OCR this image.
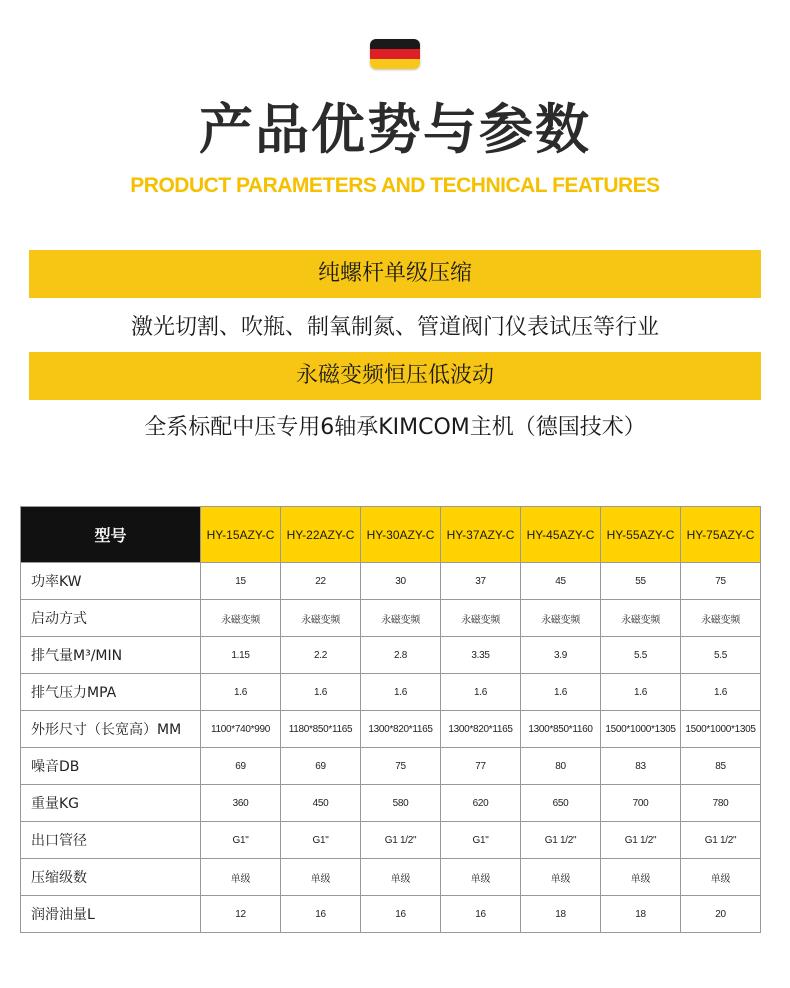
产品优势与参数
PRODUCT PARAMETERS AND TECHNICAL FEATURES
纯螺杆单级压缩
激光切割、吹瓶、制氧制氮、管道阀门仪表试压等行业
永磁变频恒压低波动
全系标配中压专用6轴承KIMCOM主机（德国技术）
型号	HY-15AZY-C	HY-22AZY-C	HY-30AZY-C	HY-37AZY-C	HY-45AZY-C	HY-55AZY-C	HY-75AZY-C
功率KW	15	22	30	37	45	55	75
启动方式	永磁变频	永磁变频	永磁变频	永磁变频	永磁变频	永磁变频	永磁变频
排气量M³/MIN	1.15	2.2	2.8	3.35	3.9	5.5	5.5
排气压力MPA	1.6	1.6	1.6	1.6	1.6	1.6	1.6
外形尺寸（长宽高）MM	1100*740*990	1180*850*1165	1300*820*1165	1300*820*1165	1300*850*1160	1500*1000*1305	1500*1000*1305
噪音DB	69	69	75	77	80	83	85
重量KG	360	450	580	620	650	700	780
出口管径	G1"	G1"	G1 1/2"	G1"	G1 1/2"	G1 1/2"	G1 1/2"
压缩级数	单级	单级	单级	单级	单级	单级	单级
润滑油量L	12	16	16	16	18	18	20
